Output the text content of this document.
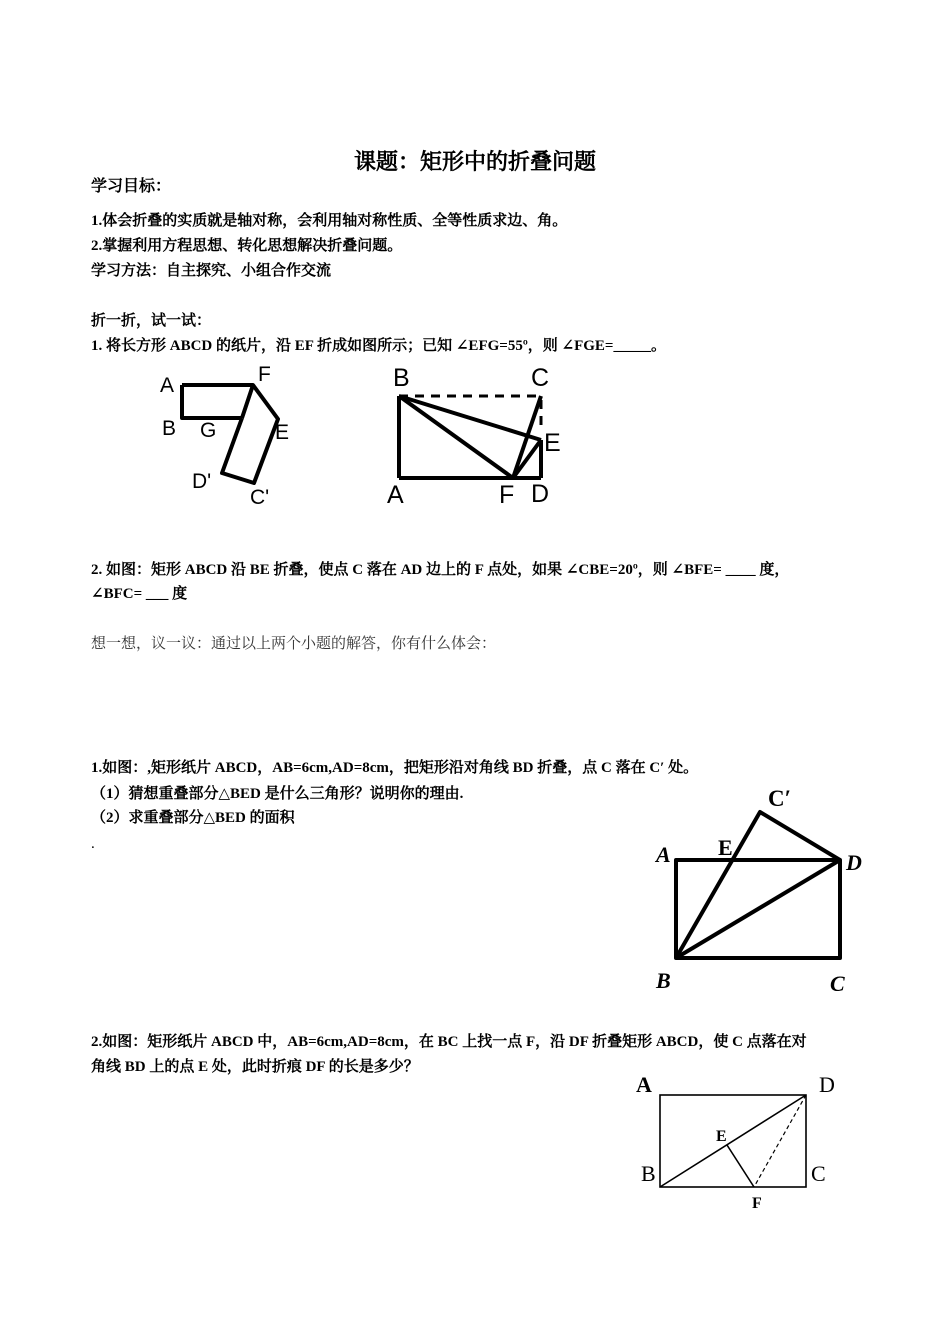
课题：矩形中的折叠问题
学习目标：
1.体会折叠的实质就是轴对称，会利用轴对称性质、全等性质求边、角。
2.掌握利用方程思想、转化思想解决折叠问题。
学习方法：自主探究、小组合作交流
折一折，试一试：
1. 将长方形 ABCD 的纸片，沿 EF 折成如图所示；已知 ∠EFG=55º，则 ∠FGE=_____。
A	F
B G	E
D'
C'
B	C
E
A	F D
2. 如图：矩形 ABCD 沿 BE 折叠，使点 C 落在 AD 边上的 F 点处，如果 ∠CBE=20º，则 ∠BFE= ____ 度，
∠BFC= ___ 度
想一想，议一议：通过以上两个小题的解答，你有什么体会：
1.如图：,矩形纸片 ABCD，AB=6cm,AD=8cm，把矩形沿对角线 BD 折叠，点 C 落在 C′ 处。
（1）猜想重叠部分△BED 是什么三角形？说明你的理由.
（2）求重叠部分△BED 的面积
.
C′
A E
D
B	C
2.如图：矩形纸片 ABCD 中，AB=6cm,AD=8cm，在 BC 上找一点 F，沿 DF 折叠矩形 ABCD，使 C 点落在对
角线 BD 上的点 E 处，此时折痕 DF 的长是多少？
A	D
E
B	C
F
